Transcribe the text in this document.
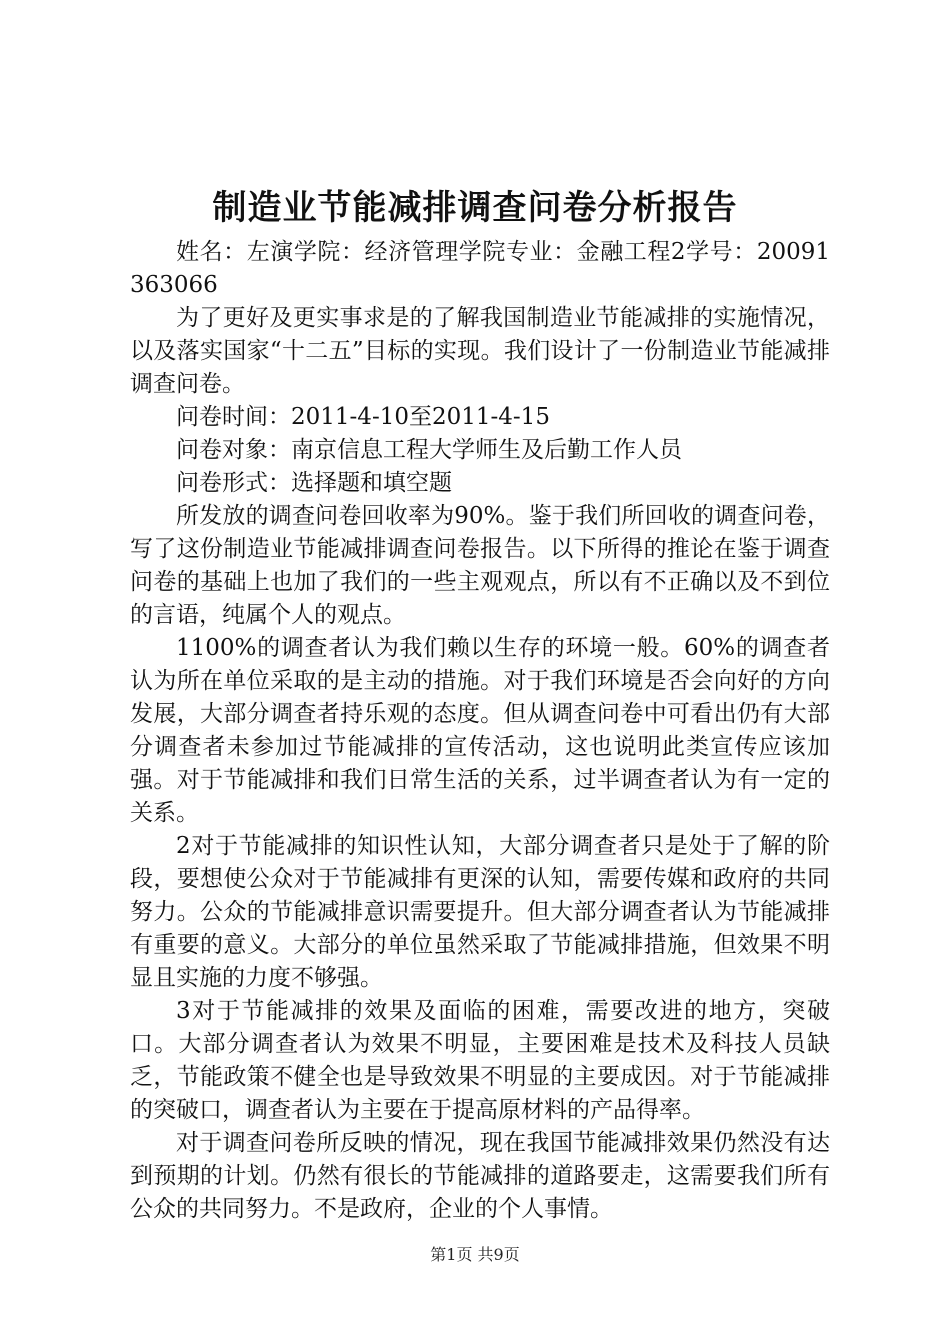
制造业节能减排调查问卷分析报告

姓名：左演学院：经济管理学院专业：金融工程2学号：20091363066

为了更好及更实事求是的了解我国制造业节能减排的实施情况，以及落实国家“十二五”目标的实现。我们设计了一份制造业节能减排调查问卷。

问卷时间：2011-4-10至2011-4-15

问卷对象：南京信息工程大学师生及后勤工作人员

问卷形式：选择题和填空题

所发放的调查问卷回收率为90%。鉴于我们所回收的调查问卷，写了这份制造业节能减排调查问卷报告。以下所得的推论在鉴于调查问卷的基础上也加了我们的一些主观观点，所以有不正确以及不到位的言语，纯属个人的观点。

1100%的调查者认为我们赖以生存的环境一般。60%的调查者认为所在单位采取的是主动的措施。对于我们环境是否会向好的方向发展，大部分调查者持乐观的态度。但从调查问卷中可看出仍有大部分调查者未参加过节能减排的宣传活动，这也说明此类宣传应该加强。对于节能减排和我们日常生活的关系，过半调查者认为有一定的关系。

2对于节能减排的知识性认知，大部分调查者只是处于了解的阶段，要想使公众对于节能减排有更深的认知，需要传媒和政府的共同努力。公众的节能减排意识需要提升。但大部分调查者认为节能减排有重要的意义。大部分的单位虽然采取了节能减排措施，但效果不明显且实施的力度不够强。

3对于节能减排的效果及面临的困难，需要改进的地方，突破口。大部分调查者认为效果不明显，主要困难是技术及科技人员缺乏，节能政策不健全也是导致效果不明显的主要成因。对于节能减排的突破口，调查者认为主要在于提高原材料的产品得率。

对于调查问卷所反映的情况，现在我国节能减排效果仍然没有达到预期的计划。仍然有很长的节能减排的道路要走，这需要我们所有公众的共同努力。不是政府，企业的个人事情。

第1页 共9页
